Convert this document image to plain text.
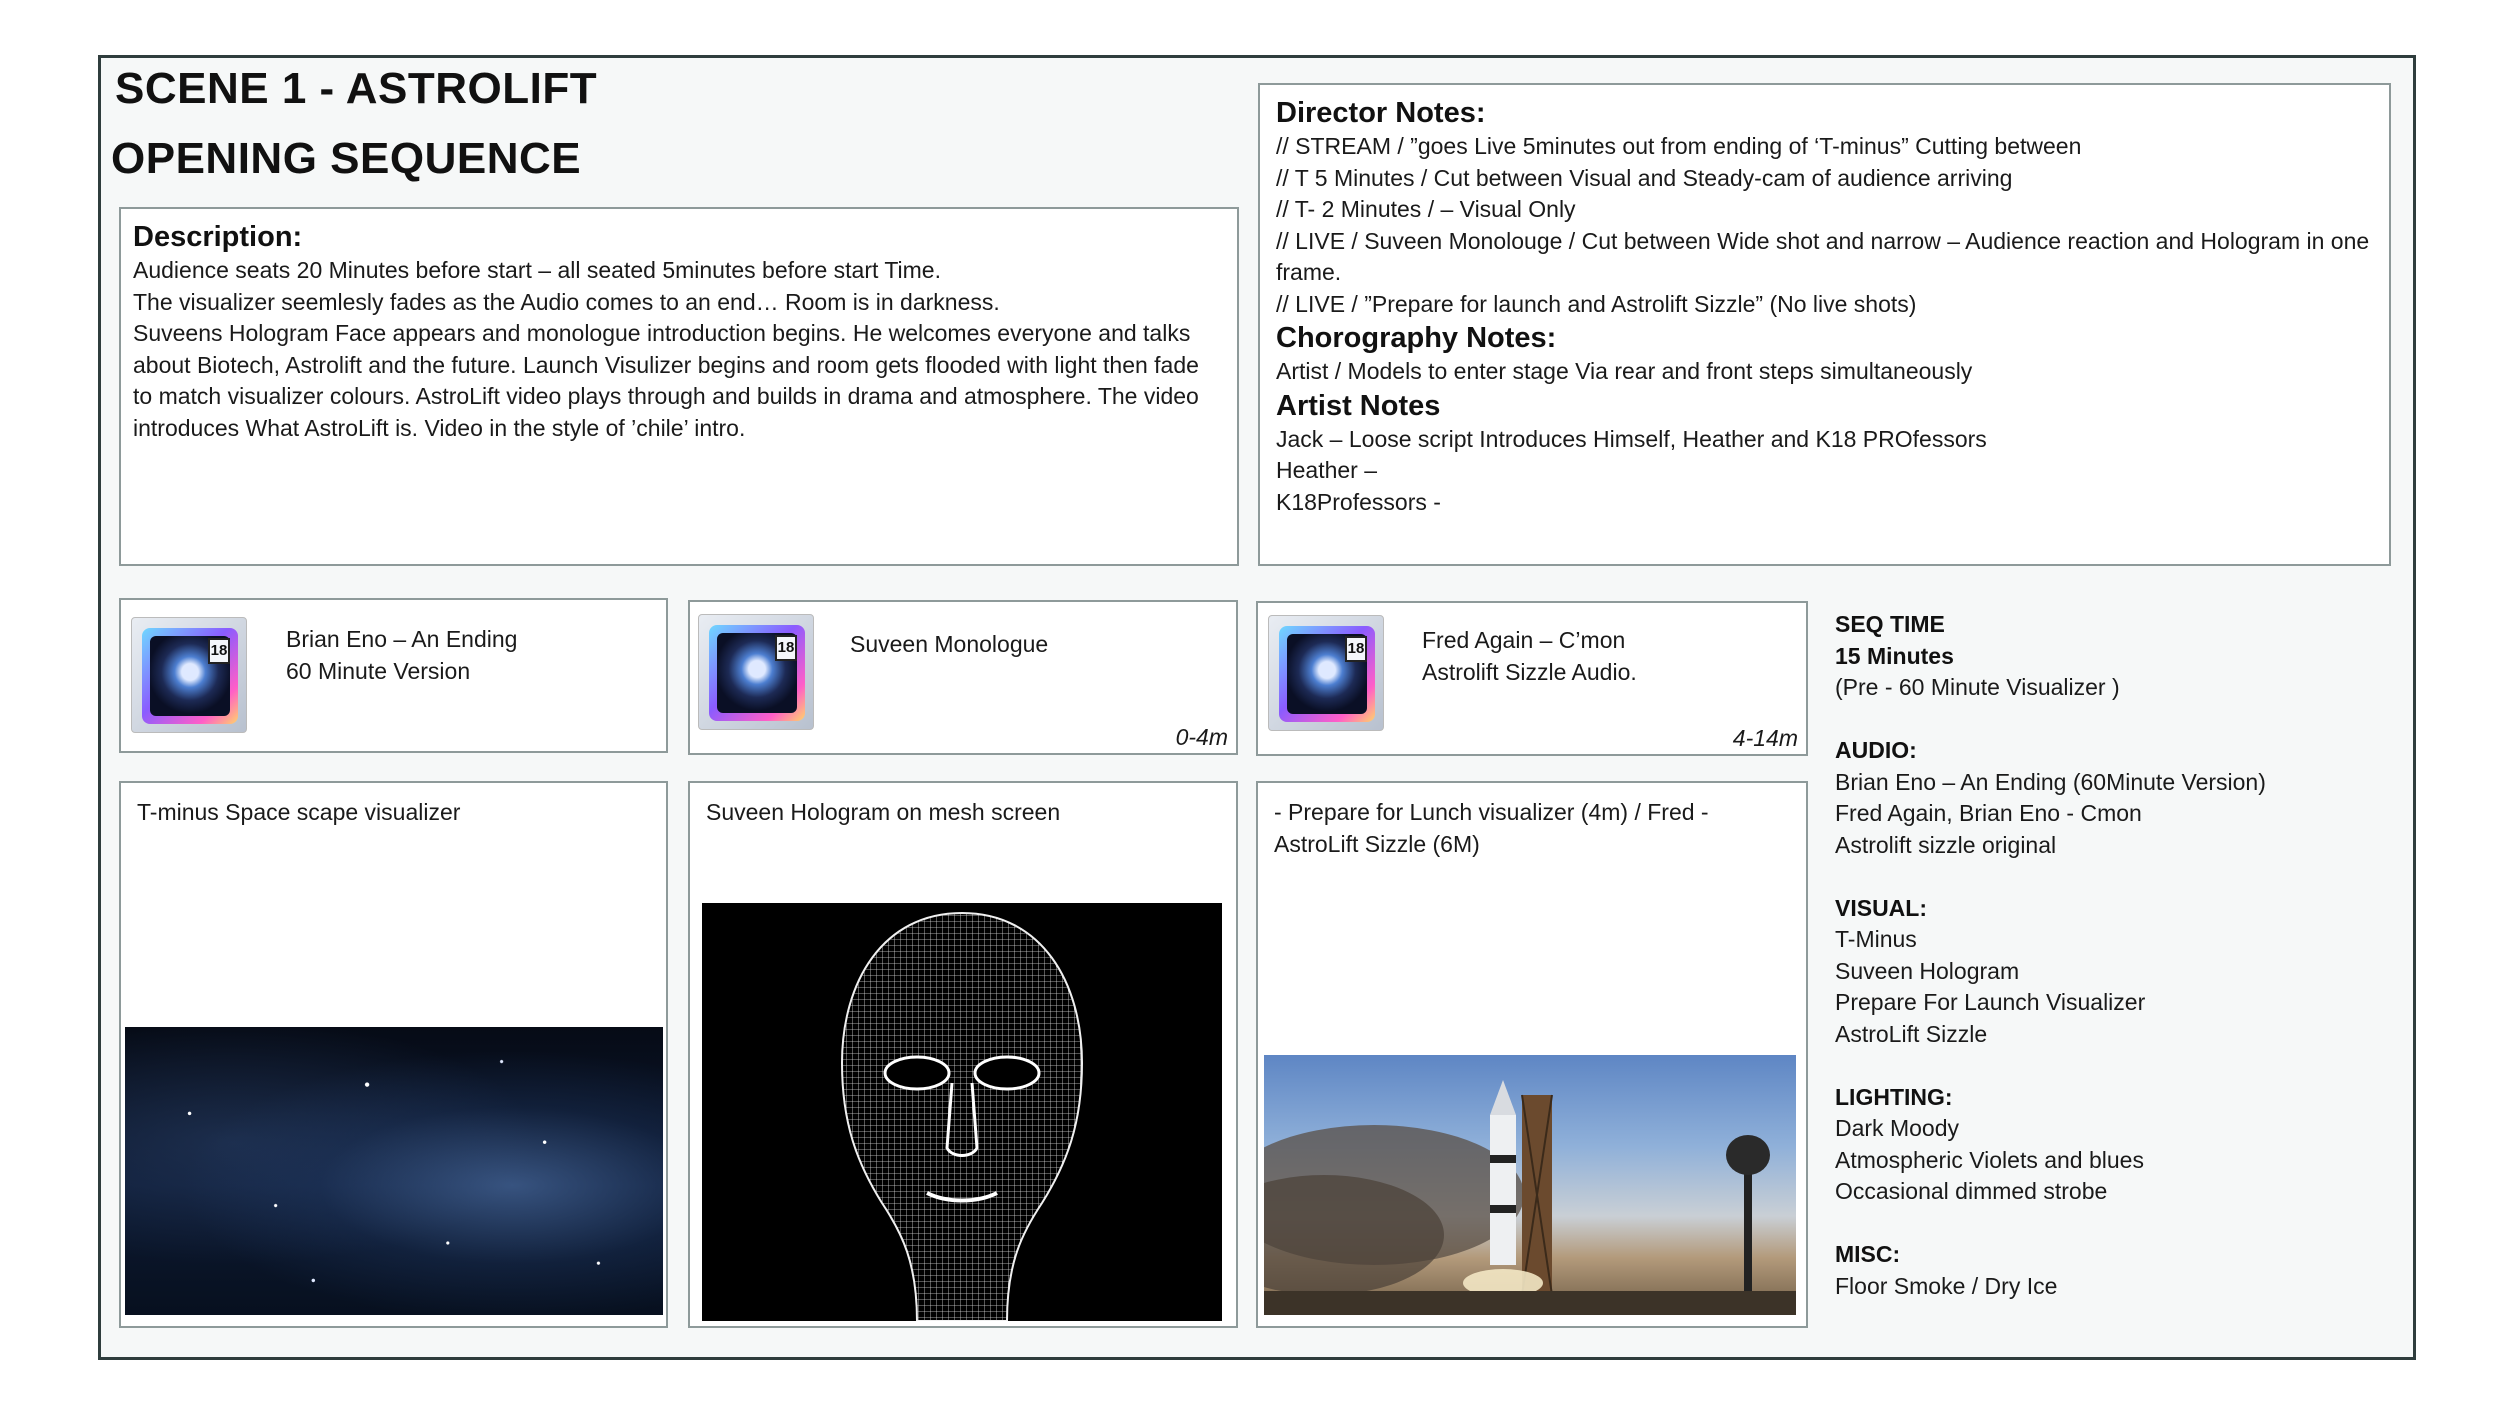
SCENE 1 - ASTROLIFT
OPENING SEQUENCE
Description:
Audience seats 20 Minutes before start – all seated 5minutes before start Time.
The visualizer seemlesly fades as the Audio comes to an end… Room is in darkness.
Suveens Hologram Face appears and monologue introduction begins. He welcomes everyone and talks about Biotech, Astrolift and the future. Launch Visulizer begins and room gets flooded with light then fade to match visualizer colours. AstroLift video plays through and builds in drama and atmosphere. The video introduces What AstroLift is. Video in the style of ’chile’ intro.
Director Notes:
// STREAM / ”goes Live 5minutes out from ending of ‘T-minus” Cutting between
// T 5 Minutes / Cut between Visual and Steady-cam of audience arriving
// T- 2 Minutes / – Visual Only
// LIVE / Suveen Monolouge / Cut between Wide shot and narrow – Audience reaction and Hologram in one frame.
// LIVE / ”Prepare for launch and Astrolift Sizzle” (No live shots)
Chorography Notes:
Artist / Models to enter stage Via rear and front steps simultaneously
Artist Notes
Jack – Loose script Introduces Himself, Heather and K18 PROfessors
Heather –
K18Professors -
18	Brian Eno – An Ending
60 Minute Version
18 Suveen Monologue
0-4m
18	Fred Again – C’mon
Astrolift Sizzle Audio.
4-14m
T-minus Space scape visualizer	Suveen Hologram on mesh screen	- Prepare for Lunch visualizer (4m) / Fred - AstroLift Sizzle (6M)
SEQ TIME
15 Minutes
(Pre - 60 Minute Visualizer )
AUDIO:
Brian Eno – An Ending (60Minute Version)
Fred Again, Brian Eno - Cmon
Astrolift sizzle original
VISUAL:
T-Minus
Suveen Hologram
Prepare For Launch Visualizer
AstroLift Sizzle
LIGHTING:
Dark Moody
Atmospheric Violets and blues
Occasional dimmed strobe
MISC:
Floor Smoke / Dry Ice
